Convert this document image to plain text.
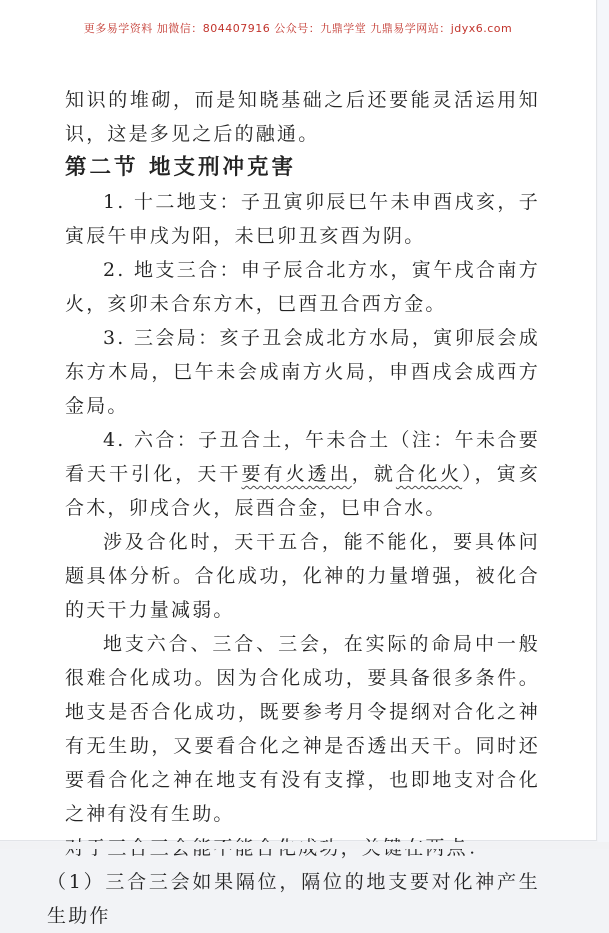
更多易学资料 加微信：804407916 公众号：九鼎学堂 九鼎易学网站：jdyx6.com

知识的堆砌，而是知晓基础之后还要能灵活运用知识，这是多见之后的融通。

第二节 地支刑冲克害

1. 十二地支：子丑寅卯辰巳午未申酉戌亥，子寅辰午申戌为阳，未巳卯丑亥酉为阴。

2. 地支三合：申子辰合北方水，寅午戌合南方火，亥卯未合东方木，巳酉丑合西方金。

3. 三会局：亥子丑会成北方水局，寅卯辰会成东方木局，巳午未会成南方火局，申酉戌会成西方金局。

4. 六合：子丑合土，午未合土（注：午未合要看天干引化，天干要有火透出，就合化火），寅亥合木，卯戌合火，辰酉合金，巳申合水。

涉及合化时，天干五合，能不能化，要具体问题具体分析。合化成功，化神的力量增强，被化合的天干力量减弱。

地支六合、三合、三会，在实际的命局中一般很难合化成功。因为合化成功，要具备很多条件。地支是否合化成功，既要参考月令提纲对合化之神有无生助，又要看合化之神是否透出天干。同时还要看合化之神在地支有没有支撑，也即地支对合化之神有没有生助。

（1）三合三会如果隔位，隔位的地支要对化神产生生助作
